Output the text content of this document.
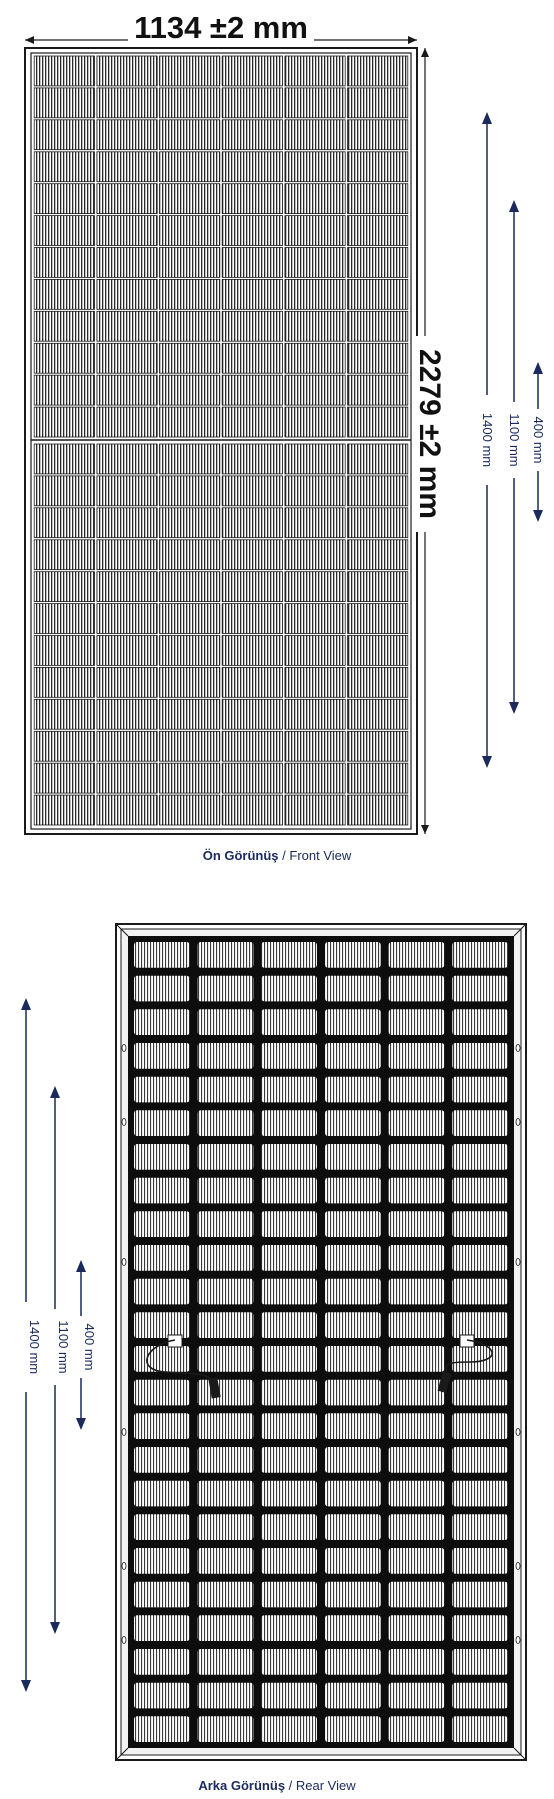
1134 ±2 mm
2279 ±2 mm	1400 mm 1100 mm 400 mm
1400 mm 1100 mm 400 mm
Ön Görünüş / Front View
Arka Görünüş / Rear View
